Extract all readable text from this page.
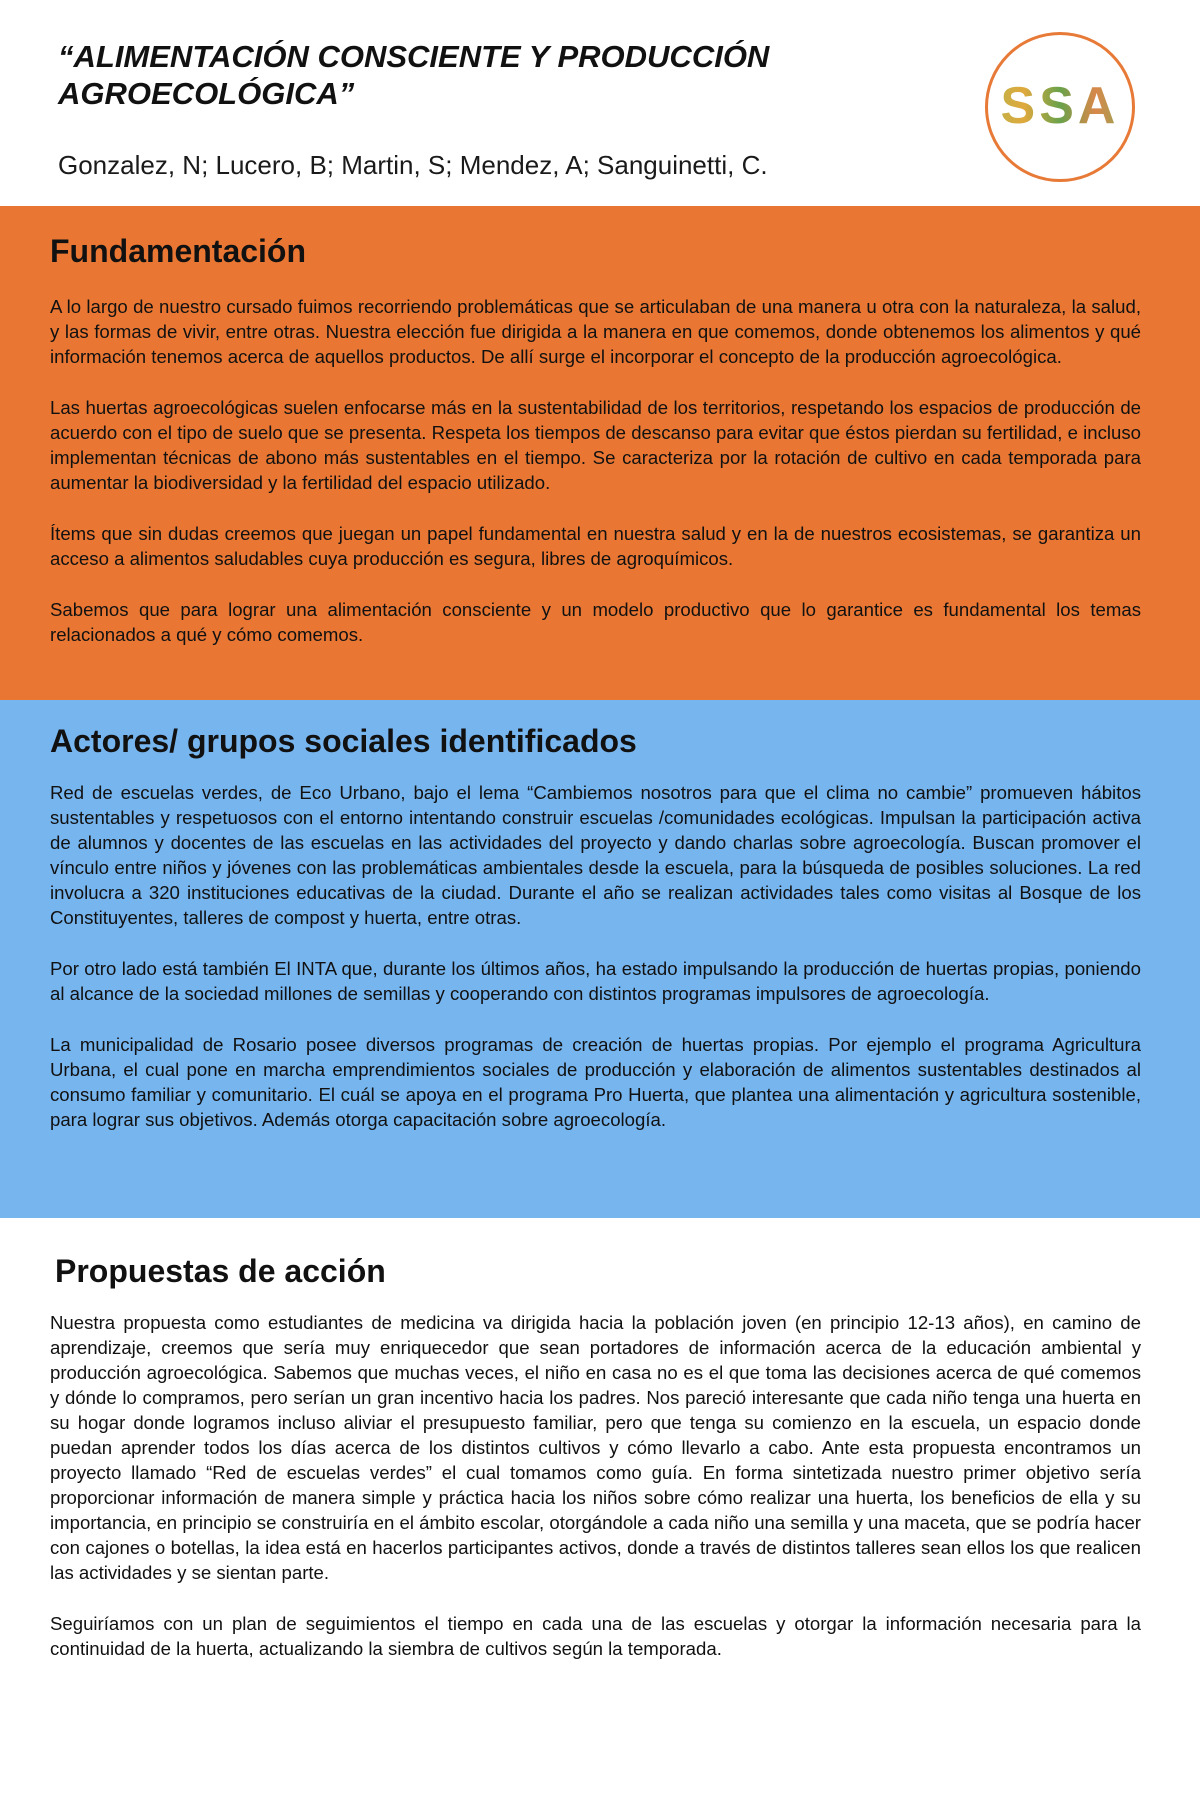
“ALIMENTACIÓN CONSCIENTE Y PRODUCCIÓN AGROECOLÓGICA”

Gonzalez, N; Lucero, B; Martin, S; Mendez, A; Sanguinetti, C.

SSA
Fundamentación

A lo largo de nuestro cursado fuimos recorriendo problemáticas que se articulaban de una manera u otra con la naturaleza, la salud, y las formas de vivir, entre otras. Nuestra elección fue dirigida a la manera en que comemos, donde obtenemos los alimentos y qué información tenemos acerca de aquellos productos. De allí surge el incorporar el concepto de la producción agroecológica.

Las huertas agroecológicas suelen enfocarse más en la sustentabilidad de los territorios, respetando los espacios de producción de acuerdo con el tipo de suelo que se presenta. Respeta los tiempos de descanso para evitar que éstos pierdan su fertilidad, e incluso implementan técnicas de abono más sustentables en el tiempo. Se caracteriza por la rotación de cultivo en cada temporada para aumentar la biodiversidad y la fertilidad del espacio utilizado.

Ítems que sin dudas creemos que juegan un papel fundamental en nuestra salud y en la de nuestros ecosistemas, se garantiza un acceso a alimentos saludables cuya producción es segura, libres de agroquímicos.

Sabemos que para lograr una alimentación consciente y un modelo productivo que lo garantice es fundamental los temas relacionados a qué y cómo comemos.

Actores/ grupos sociales identificados

Red de escuelas verdes, de Eco Urbano, bajo el lema “Cambiemos nosotros para que el clima no cambie” promueven hábitos sustentables y respetuosos con el entorno intentando construir escuelas /comunidades ecológicas. Impulsan la participación activa de alumnos y docentes de las escuelas en las actividades del proyecto y dando charlas sobre agroecología. Buscan promover el vínculo entre niños y jóvenes con las problemáticas ambientales desde la escuela, para la búsqueda de posibles soluciones. La red involucra a 320 instituciones educativas de la ciudad. Durante el año se realizan actividades tales como visitas al Bosque de los Constituyentes, talleres de compost y huerta, entre otras.

Por otro lado está también El INTA que, durante los últimos años, ha estado impulsando la producción de huertas propias, poniendo al alcance de la sociedad millones de semillas y cooperando con distintos programas impulsores de agroecología.

La municipalidad de Rosario posee diversos programas de creación de huertas propias. Por ejemplo el programa Agricultura Urbana, el cual pone en marcha emprendimientos sociales de producción y elaboración de alimentos sustentables destinados al consumo familiar y comunitario. El cuál se apoya en el programa Pro Huerta, que plantea una alimentación y agricultura sostenible, para lograr sus objetivos. Además otorga capacitación sobre agroecología.

Propuestas de acción

Nuestra propuesta como estudiantes de medicina va dirigida hacia la población joven (en principio 12-13 años), en camino de aprendizaje, creemos que sería muy enriquecedor que sean portadores de información acerca de la educación ambiental y producción agroecológica. Sabemos que muchas veces, el niño en casa no es el que toma las decisiones acerca de qué comemos y dónde lo compramos, pero serían un gran incentivo hacia los padres. Nos pareció interesante que cada niño tenga una huerta en su hogar donde logramos incluso aliviar el presupuesto familiar, pero que tenga su comienzo en la escuela, un espacio donde puedan aprender todos los días acerca de los distintos cultivos y cómo llevarlo a cabo. Ante esta propuesta encontramos un proyecto llamado “Red de escuelas verdes” el cual tomamos como guía. En forma sintetizada nuestro primer objetivo sería proporcionar información de manera simple y práctica hacia los niños sobre cómo realizar una huerta, los beneficios de ella y su importancia, en principio se construiría en el ámbito escolar, otorgándole a cada niño una semilla y una maceta, que se podría hacer con cajones o botellas, la idea está en hacerlos participantes activos, donde a través de distintos talleres sean ellos los que realicen las actividades y se sientan parte.

Seguiríamos con un plan de seguimientos el tiempo en cada una de las escuelas y otorgar la información necesaria para la continuidad de la huerta, actualizando la siembra de cultivos según la temporada.
